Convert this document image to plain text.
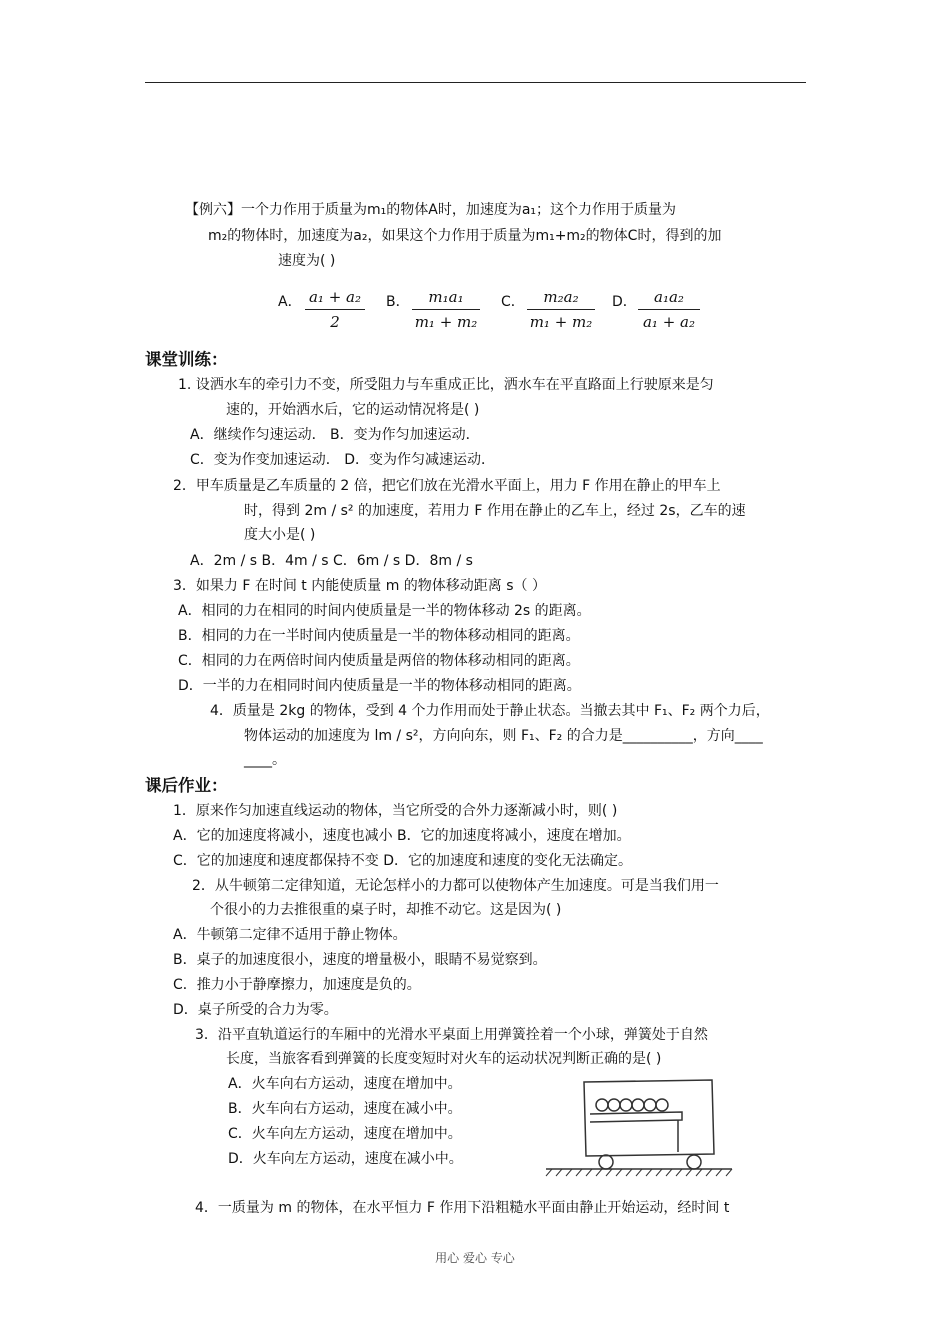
【例六】一个力作用于质量为m₁的物体A时，加速度为a₁；这个力作用于质量为
m₂的物体时，加速度为a₂，如果这个力作用于质量为m₁+m₂的物体C时，得到的加
速度为( )
A． a₁ + a₂
2
B．	m₁a₁
m₁ + m₂
C．	m₂a₂
m₁ + m₂
D．	a₁a₂
a₁ + a₂
课堂训练：
1. 设洒水车的牵引力不变，所受阻力与车重成正比，洒水车在平直路面上行驶原来是匀
速的，开始洒水后，它的运动情况将是( )
A．继续作匀速运动． B．变为作匀加速运动．
C．变为作变加速运动． D．变为作匀减速运动．
2．甲车质量是乙车质量的 2 倍，把它们放在光滑水平面上，用力 F 作用在静止的甲车上
时，得到 2m / s² 的加速度，若用力 F 作用在静止的乙车上，经过 2s，乙车的速
度大小是( )
A．2m / s B．4m / s C．6m / s D．8m / s
3．如果力 F 在时间 t 内能使质量 m 的物体移动距离 s（ ）
A．相同的力在相同的时间内使质量是一半的物体移动 2s 的距离。
B．相同的力在一半时间内使质量是一半的物体移动相同的距离。
C．相同的力在两倍时间内使质量是两倍的物体移动相同的距离。
D．一半的力在相同时间内使质量是一半的物体移动相同的距离。
4．质量是 2kg 的物体，受到 4 个力作用而处于静止状态。当撤去其中 F₁、F₂ 两个力后，
物体运动的加速度为 lm / s²，方向向东，则 F₁、F₂ 的合力是__________，方向____
____。
课后作业：
1．原来作匀加速直线运动的物体，当它所受的合外力逐渐减小时，则( )
A．它的加速度将减小，速度也减小 B．它的加速度将减小，速度在增加。
C．它的加速度和速度都保持不变 D．它的加速度和速度的变化无法确定。
2．从牛顿第二定律知道，无论怎样小的力都可以使物体产生加速度。可是当我们用一
个很小的力去推很重的桌子时，却推不动它。这是因为( )
A．牛顿第二定律不适用于静止物体。
B．桌子的加速度很小，速度的增量极小，眼睛不易觉察到。
C．推力小于静摩擦力，加速度是负的。
D．桌子所受的合力为零。
3．沿平直轨道运行的车厢中的光滑水平桌面上用弹簧拴着一个小球，弹簧处于自然
长度，当旅客看到弹簧的长度变短时对火车的运动状况判断正确的是( )
A．火车向右方运动，速度在增加中。
B．火车向右方运动，速度在减小中。
C．火车向左方运动，速度在增加中。
D．火车向左方运动，速度在减小中。
4．一质量为 m 的物体，在水平恒力 F 作用下沿粗糙水平面由静止开始运动，经时间 t
用心 爱心 专心
